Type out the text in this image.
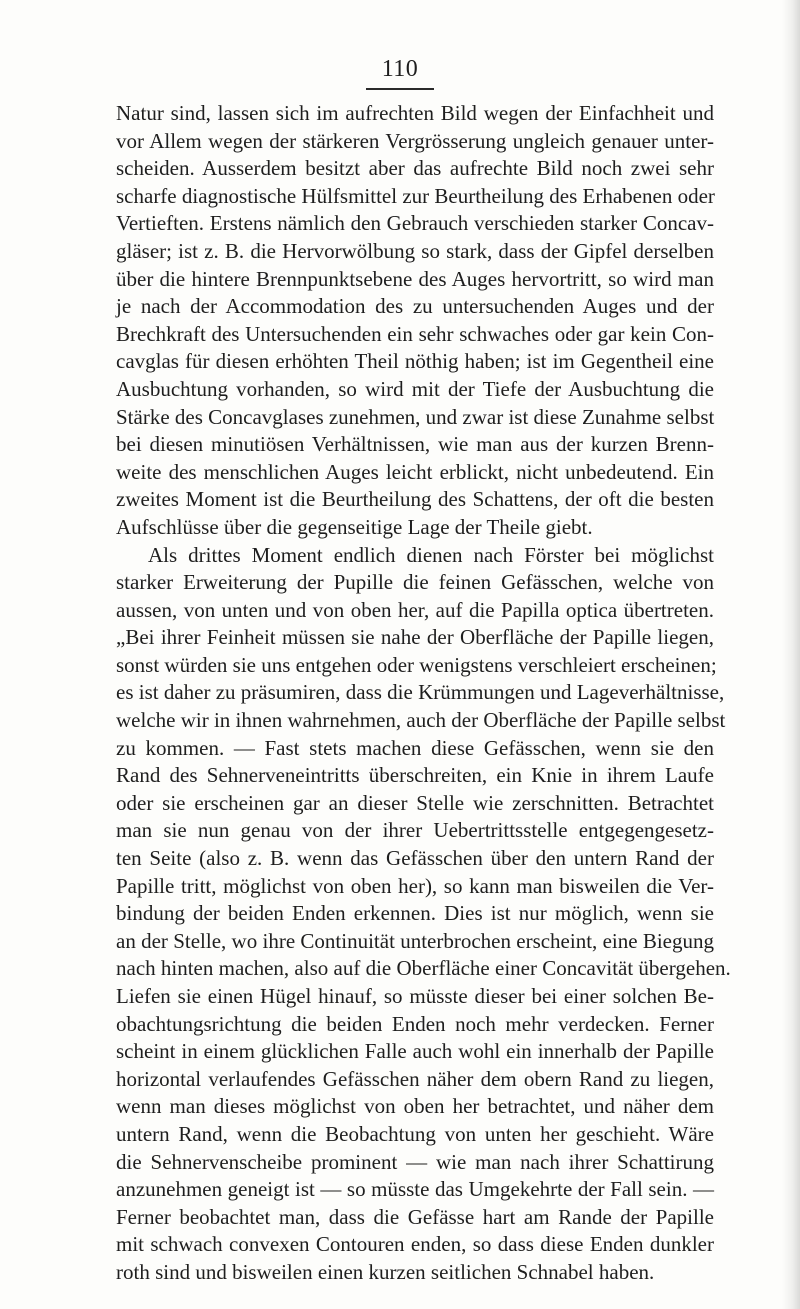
110
Natur sind, lassen sich im aufrechten Bild wegen der Einfachheit und
vor Allem wegen der stärkeren Vergrösserung ungleich genauer unter-
scheiden. Ausserdem besitzt aber das aufrechte Bild noch zwei sehr
scharfe diagnostische Hülfsmittel zur Beurtheilung des Erhabenen oder
Vertieften. Erstens nämlich den Gebrauch verschieden starker Concav-
gläser; ist z. B. die Hervorwölbung so stark, dass der Gipfel derselben
über die hintere Brennpunktsebene des Auges hervortritt, so wird man
je nach der Accommodation des zu untersuchenden Auges und der
Brechkraft des Untersuchenden ein sehr schwaches oder gar kein Con-
cavglas für diesen erhöhten Theil nöthig haben; ist im Gegentheil eine
Ausbuchtung vorhanden, so wird mit der Tiefe der Ausbuchtung die
Stärke des Concavglases zunehmen, und zwar ist diese Zunahme selbst
bei diesen minutiösen Verhältnissen, wie man aus der kurzen Brenn-
weite des menschlichen Auges leicht erblickt, nicht unbedeutend. Ein
zweites Moment ist die Beurtheilung des Schattens, der oft die besten
Aufschlüsse über die gegenseitige Lage der Theile giebt.
Als drittes Moment endlich dienen nach Förster bei möglichst
starker Erweiterung der Pupille die feinen Gefässchen, welche von
aussen, von unten und von oben her, auf die Papilla optica übertreten.
„Bei ihrer Feinheit müssen sie nahe der Oberfläche der Papille liegen,
sonst würden sie uns entgehen oder wenigstens verschleiert erscheinen;
es ist daher zu präsumiren, dass die Krümmungen und Lageverhältnisse,
welche wir in ihnen wahrnehmen, auch der Oberfläche der Papille selbst
zu kommen. — Fast stets machen diese Gefässchen, wenn sie den
Rand des Sehnerveneintritts überschreiten, ein Knie in ihrem Laufe
oder sie erscheinen gar an dieser Stelle wie zerschnitten. Betrachtet
man sie nun genau von der ihrer Uebertrittsstelle entgegengesetz-
ten Seite (also z. B. wenn das Gefässchen über den untern Rand der
Papille tritt, möglichst von oben her), so kann man bisweilen die Ver-
bindung der beiden Enden erkennen. Dies ist nur möglich, wenn sie
an der Stelle, wo ihre Continuität unterbrochen erscheint, eine Biegung
nach hinten machen, also auf die Oberfläche einer Concavität übergehen.
Liefen sie einen Hügel hinauf, so müsste dieser bei einer solchen Be-
obachtungsrichtung die beiden Enden noch mehr verdecken. Ferner
scheint in einem glücklichen Falle auch wohl ein innerhalb der Papille
horizontal verlaufendes Gefässchen näher dem obern Rand zu liegen,
wenn man dieses möglichst von oben her betrachtet, und näher dem
untern Rand, wenn die Beobachtung von unten her geschieht. Wäre
die Sehnervenscheibe prominent — wie man nach ihrer Schattirung
anzunehmen geneigt ist — so müsste das Umgekehrte der Fall sein. —
Ferner beobachtet man, dass die Gefässe hart am Rande der Papille
mit schwach convexen Contouren enden, so dass diese Enden dunkler
roth sind und bisweilen einen kurzen seitlichen Schnabel haben.
